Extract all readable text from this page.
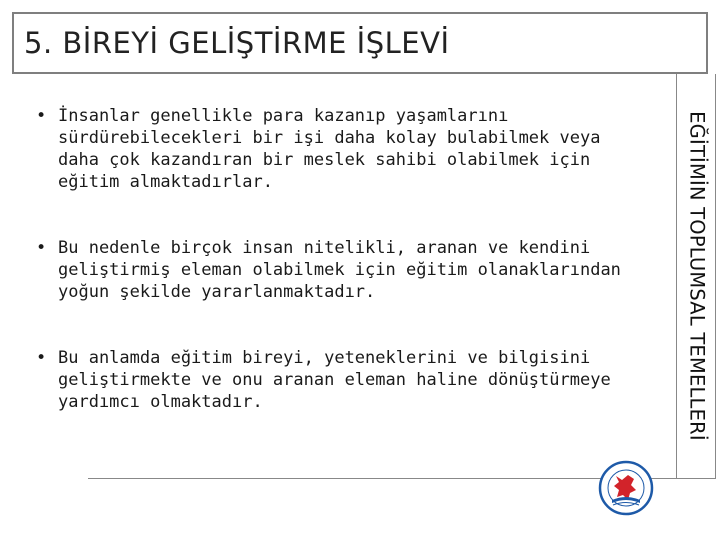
5. BİREYİ GELİŞTİRME İŞLEVİ
EĞİTİMİN TOPLUMSAL TEMELLERİ
• İnsanlar genellikle para kazanıp yaşamlarını sürdürebilecekleri bir işi daha kolay bulabilmek veya daha çok kazandıran bir meslek sahibi olabilmek için eğitim almaktadırlar.

• Bu nedenle birçok insan nitelikli, aranan ve kendini geliştirmiş eleman olabilmek için eğitim olanaklarından yoğun şekilde yararlanmaktadır.

• Bu anlamda eğitim bireyi, yeteneklerini ve bilgisini geliştirmekte ve onu aranan eleman haline dönüştürmeye yardımcı olmaktadır.
